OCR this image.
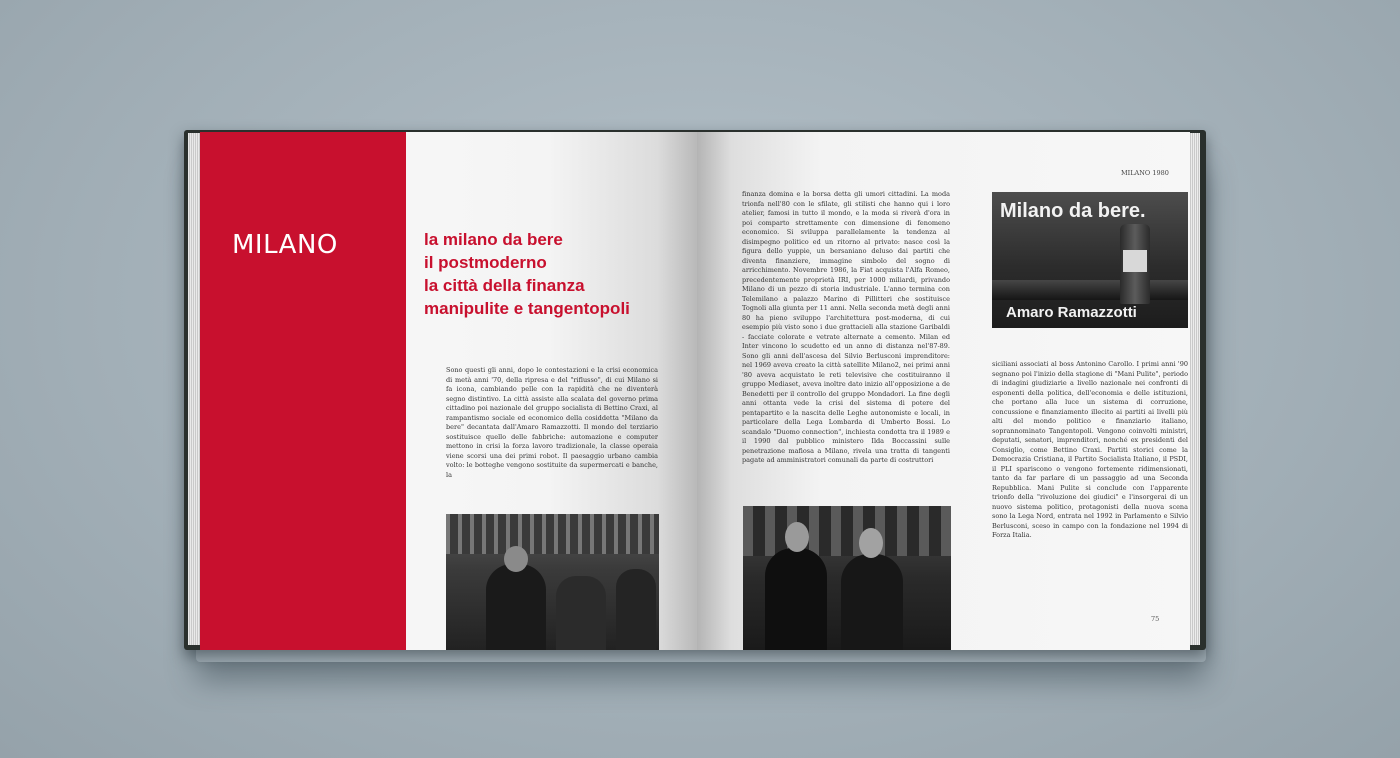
MILANO	la milano da bere
il postmoderno
la città della finanza
manipulite e tangentopoli
Sono questi gli anni, dopo le contestazioni e la crisi economica di metà anni '70, della ripresa e del "riflusso", di cui Milano si fa icona, cambiando pelle con la rapidità che ne diventerà segno distintivo. La città assiste alla scalata del governo prima cittadino poi nazionale del gruppo socialista di Bettino Craxi, al rampantismo sociale ed economico della cosiddetta "Milano da bere" decantata dall'Amaro Ramazzotti. Il mondo del terziario sostituisce quello delle fabbriche: automazione e computer mettono in crisi la forza lavoro tradizionale, la classe operaia viene scorsi una dei primi robot. Il paesaggio urbano cambia volto: le botteghe vengono sostituite da supermercati e banche, la
MILANO 1980
finanza domina e la borsa detta gli umori cittadini. La moda trionfa nell'80 con le sfilate, gli stilisti che hanno qui i loro atelier, famosi in tutto il mondo, e la moda si riverà d'ora in poi comparto strettamente con dimensione di fenomeno economico. Si sviluppa parallelamente la tendenza al disimpegno politico ed un ritorno al privato: nasce così la figura dello yuppie, un bersaniano deluso dai partiti che diventa finanziere, immagine simbolo del sogno di arricchimento. Novembre 1986, la Fiat acquista l'Alfa Romeo, precedentemente proprietà IRI, per 1000 miliardi, privando Milano di un pezzo di storia industriale. L'anno termina con Telemilano a palazzo Marino di Pillitteri che sostituisce Tognoli alla giunta per 11 anni. Nella seconda metà degli anni 80 ha pieno sviluppo l'architettura post-moderna, di cui esempio più visto sono i due grattacieli alla stazione Garibaldi - facciate colorate e vetrate alternate a cemento. Milan ed Inter vincono lo scudetto ed un anno di distanza nel'87-89. Sono gli anni dell'ascesa del Silvio Berlusconi imprenditore: nel 1969 aveva creato la città satellite Milano2, nei primi anni '80 aveva acquistato le reti televisive che costituiranno il gruppo Mediaset, aveva inoltre dato inizio all'opposizione a de Benedetti per il controllo del gruppo Mondadori. La fine degli anni ottanta vede la crisi del sistema di potere del pentapartito e la nascita delle Leghe autonomiste e locali, in particolare della Lega Lombarda di Umberto Bossi. Lo scandalo "Duomo connection", inchiesta condotta tra il 1989 e il 1990 dal pubblico ministero Ilda Boccassini sulle penetrazione mafiosa a Milano, rivela una tratta di tangenti pagate ad amministratori comunali da parte di costruttori
Milano da bere.
Amaro Ramazzotti
siciliani associati al boss Antonino Carollo. I primi anni '90 segnano poi l'inizio della stagione di "Mani Pulite", periodo di indagini giudiziarie a livello nazionale nei confronti di esponenti della politica, dell'economia e delle istituzioni, che portano alla luce un sistema di corruzione, concussione e finanziamento illecito ai partiti ai livelli più alti del mondo politico e finanziario italiano, soprannominato Tangentopoli. Vengono coinvolti ministri, deputati, senatori, imprenditori, nonché ex presidenti del Consiglio, come Bettino Craxi. Partiti storici come la Democrazia Cristiana, il Partito Socialista Italiano, il PSDI, il PLI spariscono o vengono fortemente ridimensionati, tanto da far parlare di un passaggio ad una Seconda Repubblica. Mani Pulite si conclude con l'apparente trionfo della "rivoluzione dei giudici" e l'insorgerai di un nuovo sistema politico, protagonisti della nuova scena sono la Lega Nord, entrata nel 1992 in Parlamento e Silvio Berlusconi, sceso in campo con la fondazione nel 1994 di Forza Italia.
75
